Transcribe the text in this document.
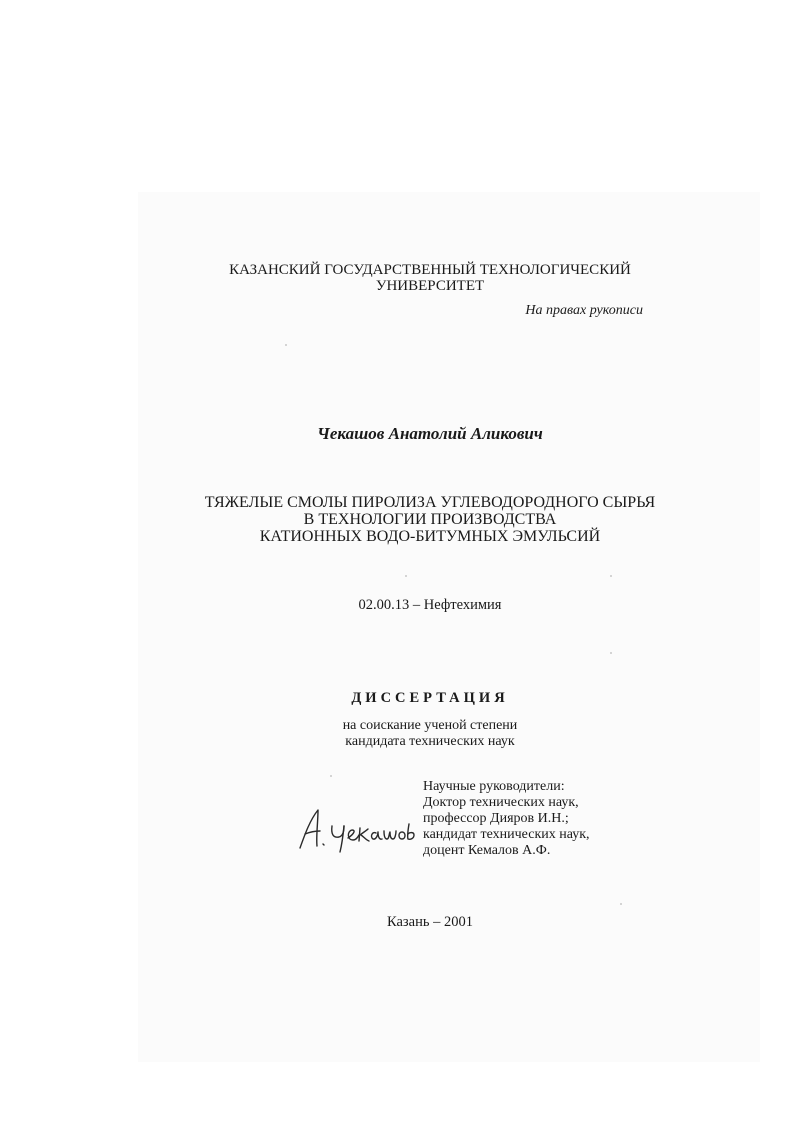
КАЗАНСКИЙ ГОСУДАРСТВЕННЫЙ ТЕХНОЛОГИЧЕСКИЙ
УНИВЕРСИТЕТ
На правах рукописи
Чекашов Анатолий Аликович
ТЯЖЕЛЫЕ СМОЛЫ ПИРОЛИЗА УГЛЕВОДОРОДНОГО СЫРЬЯ
В ТЕХНОЛОГИИ ПРОИЗВОДСТВА
КАТИОННЫХ ВОДО-БИТУМНЫХ ЭМУЛЬСИЙ
02.00.13 – Нефтехимия
ДИССЕРТАЦИЯ
на соискание ученой степени
кандидата технических наук
Научные руководители:
Доктор технических наук,
профессор Дияров И.Н.;
кандидат технических наук,
доцент Кемалов А.Ф.
Казань – 2001
